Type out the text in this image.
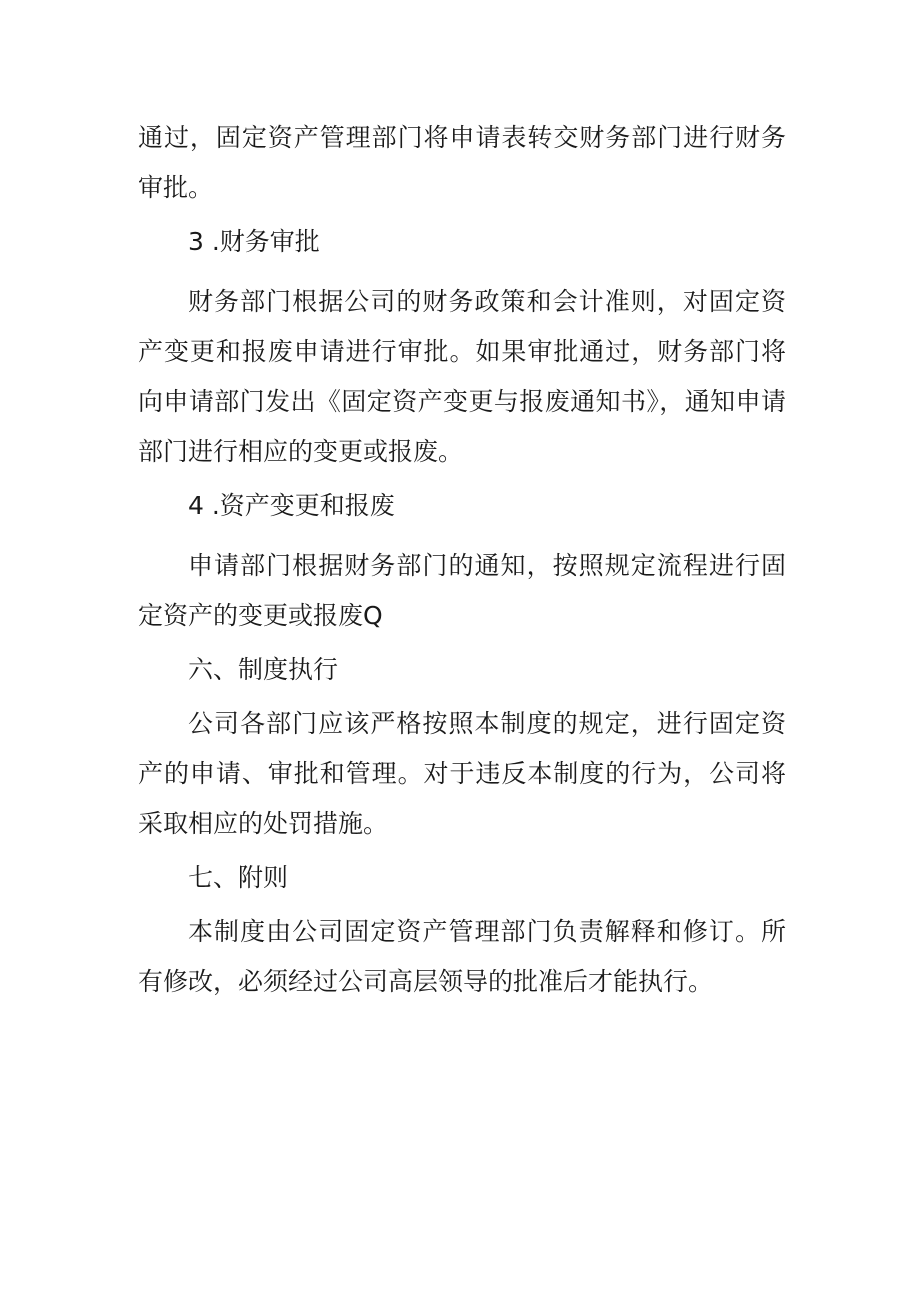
通过，固定资产管理部门将申请表转交财务部门进行财务审批。

3 .财务审批

财务部门根据公司的财务政策和会计准则，对固定资产变更和报废申请进行审批。如果审批通过，财务部门将向申请部门发出《固定资产变更与报废通知书》，通知申请部门进行相应的变更或报废。

4 .资产变更和报废

申请部门根据财务部门的通知，按照规定流程进行固定资产的变更或报废Q

六、制度执行

公司各部门应该严格按照本制度的规定，进行固定资产的申请、审批和管理。对于违反本制度的行为，公司将采取相应的处罚措施。

七、附则

本制度由公司固定资产管理部门负责解释和修订。所有修改，必须经过公司高层领导的批准后才能执行。
